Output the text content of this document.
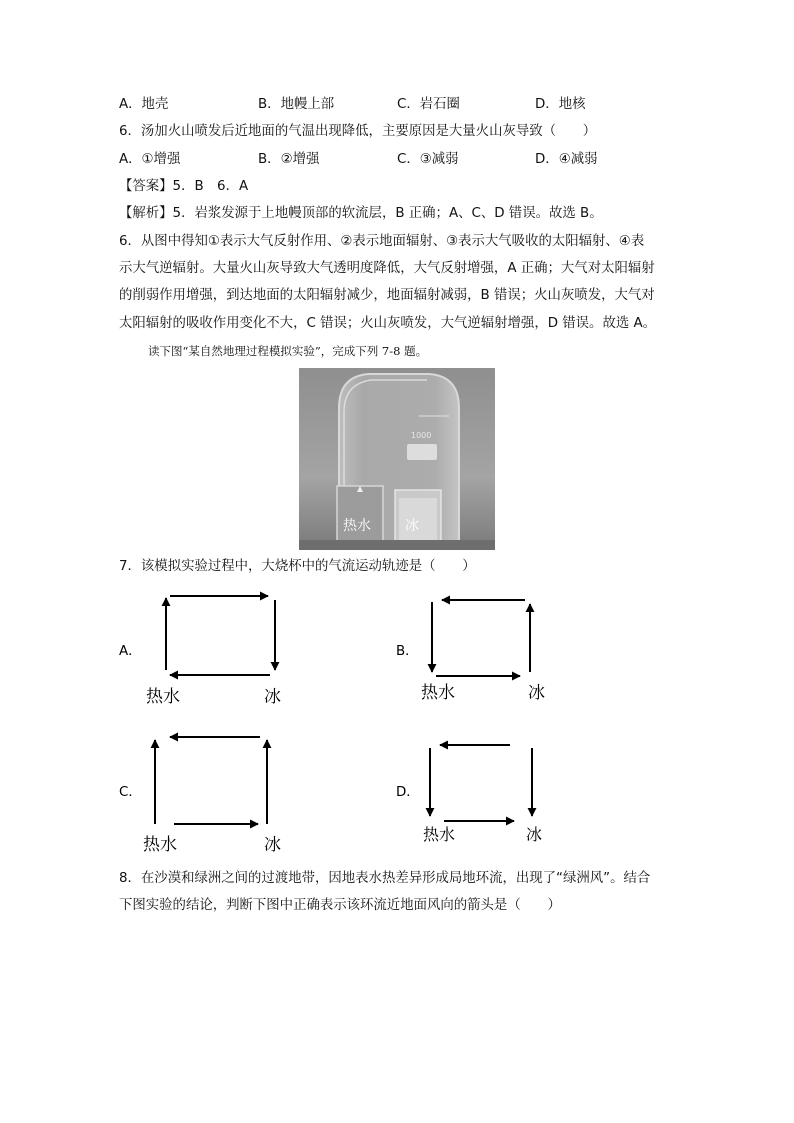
A．地壳	B．地幔上部	C．岩石圈	D．地核
6．汤加火山喷发后近地面的气温出现降低，主要原因是大量火山灰导致（　　）
A．①增强	B．②增强	C．③减弱	D．④减弱
【答案】5．B　6．A
【解析】5．岩浆发源于上地幔顶部的软流层，B 正确；A、C、D 错误。故选 B。
6．从图中得知①表示大气反射作用、②表示地面辐射、③表示大气吸收的太阳辐射、④表
示大气逆辐射。大量火山灰导致大气透明度降低，大气反射增强，A 正确；大气对太阳辐射
的削弱作用增强，到达地面的太阳辐射减少，地面辐射减弱，B 错误；火山灰喷发，大气对
太阳辐射的吸收作用变化不大，C 错误；火山灰喷发，大气逆辐射增强，D 错误。故选 A。
读下图“某自然地理过程模拟实验”，完成下列 7-8 题。
1000
热水 冰
7．该模拟实验过程中，大烧杯中的气流运动轨迹是（　　）
A．
热水	冰
B．
热水	冰
C．
热水	冰
D．
热水	冰
8．在沙漠和绿洲之间的过渡地带，因地表水热差异形成局地环流，出现了“绿洲风”。结合
下图实验的结论，判断下图中正确表示该环流近地面风向的箭头是（　　）
